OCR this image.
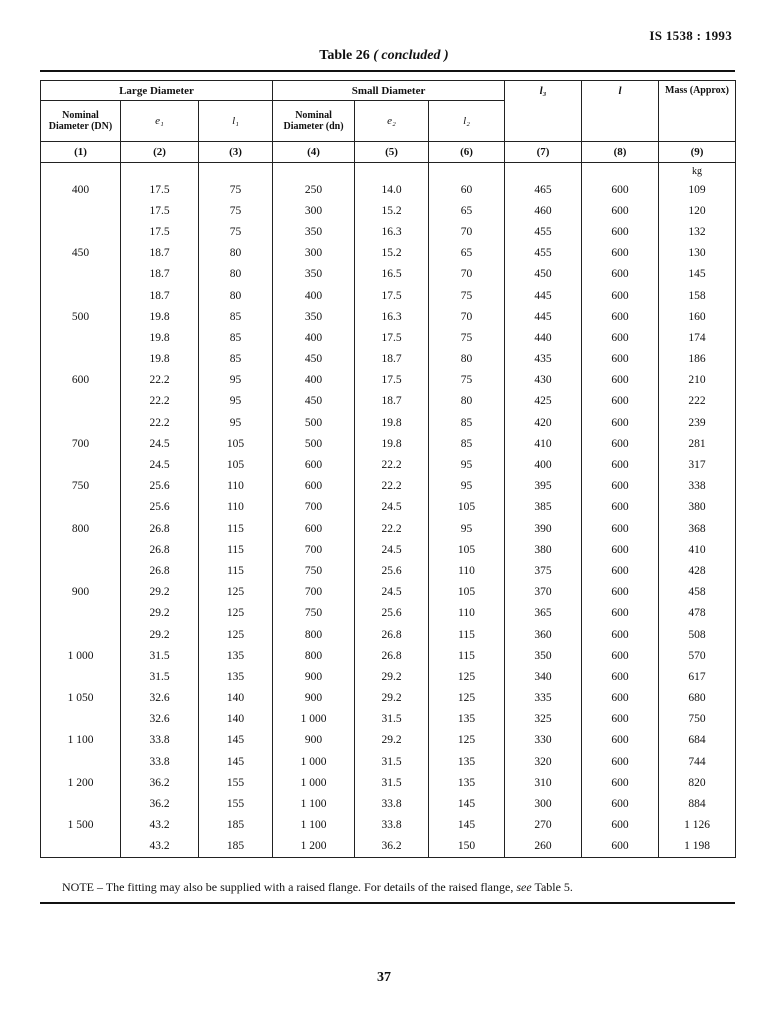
IS 1538 : 1993
Table 26 ( concluded )
Large Diameter			Small Diameter			l₃	l	Mass (Approx)
Nominal Diameter (DN)	e₁	l₁	Nominal Diameter (dn)	e₂	l₂			
(1)	(2)	(3)	(4)	(5)	(6)	(7)	(8)	(9)
								kg
400	17.5	75	250	14.0	60	465	600	109
	17.5	75	300	15.2	65	460	600	120
	17.5	75	350	16.3	70	455	600	132
450	18.7	80	300	15.2	65	455	600	130
	18.7	80	350	16.5	70	450	600	145
	18.7	80	400	17.5	75	445	600	158
500	19.8	85	350	16.3	70	445	600	160
	19.8	85	400	17.5	75	440	600	174
	19.8	85	450	18.7	80	435	600	186
600	22.2	95	400	17.5	75	430	600	210
	22.2	95	450	18.7	80	425	600	222
	22.2	95	500	19.8	85	420	600	239
700	24.5	105	500	19.8	85	410	600	281
	24.5	105	600	22.2	95	400	600	317
750	25.6	110	600	22.2	95	395	600	338
	25.6	110	700	24.5	105	385	600	380
800	26.8	115	600	22.2	95	390	600	368
	26.8	115	700	24.5	105	380	600	410
	26.8	115	750	25.6	110	375	600	428
900	29.2	125	700	24.5	105	370	600	458
	29.2	125	750	25.6	110	365	600	478
	29.2	125	800	26.8	115	360	600	508
1 000	31.5	135	800	26.8	115	350	600	570
	31.5	135	900	29.2	125	340	600	617
1 050	32.6	140	900	29.2	125	335	600	680
	32.6	140	1 000	31.5	135	325	600	750
1 100	33.8	145	900	29.2	125	330	600	684
	33.8	145	1 000	31.5	135	320	600	744
1 200	36.2	155	1 000	31.5	135	310	600	820
	36.2	155	1 100	33.8	145	300	600	884
1 500	43.2	185	1 100	33.8	145	270	600	1 126
	43.2	185	1 200	36.2	150	260	600	1 198
NOTE – The fitting may also be supplied with a raised flange. For details of the raised flange, see Table 5.
37
